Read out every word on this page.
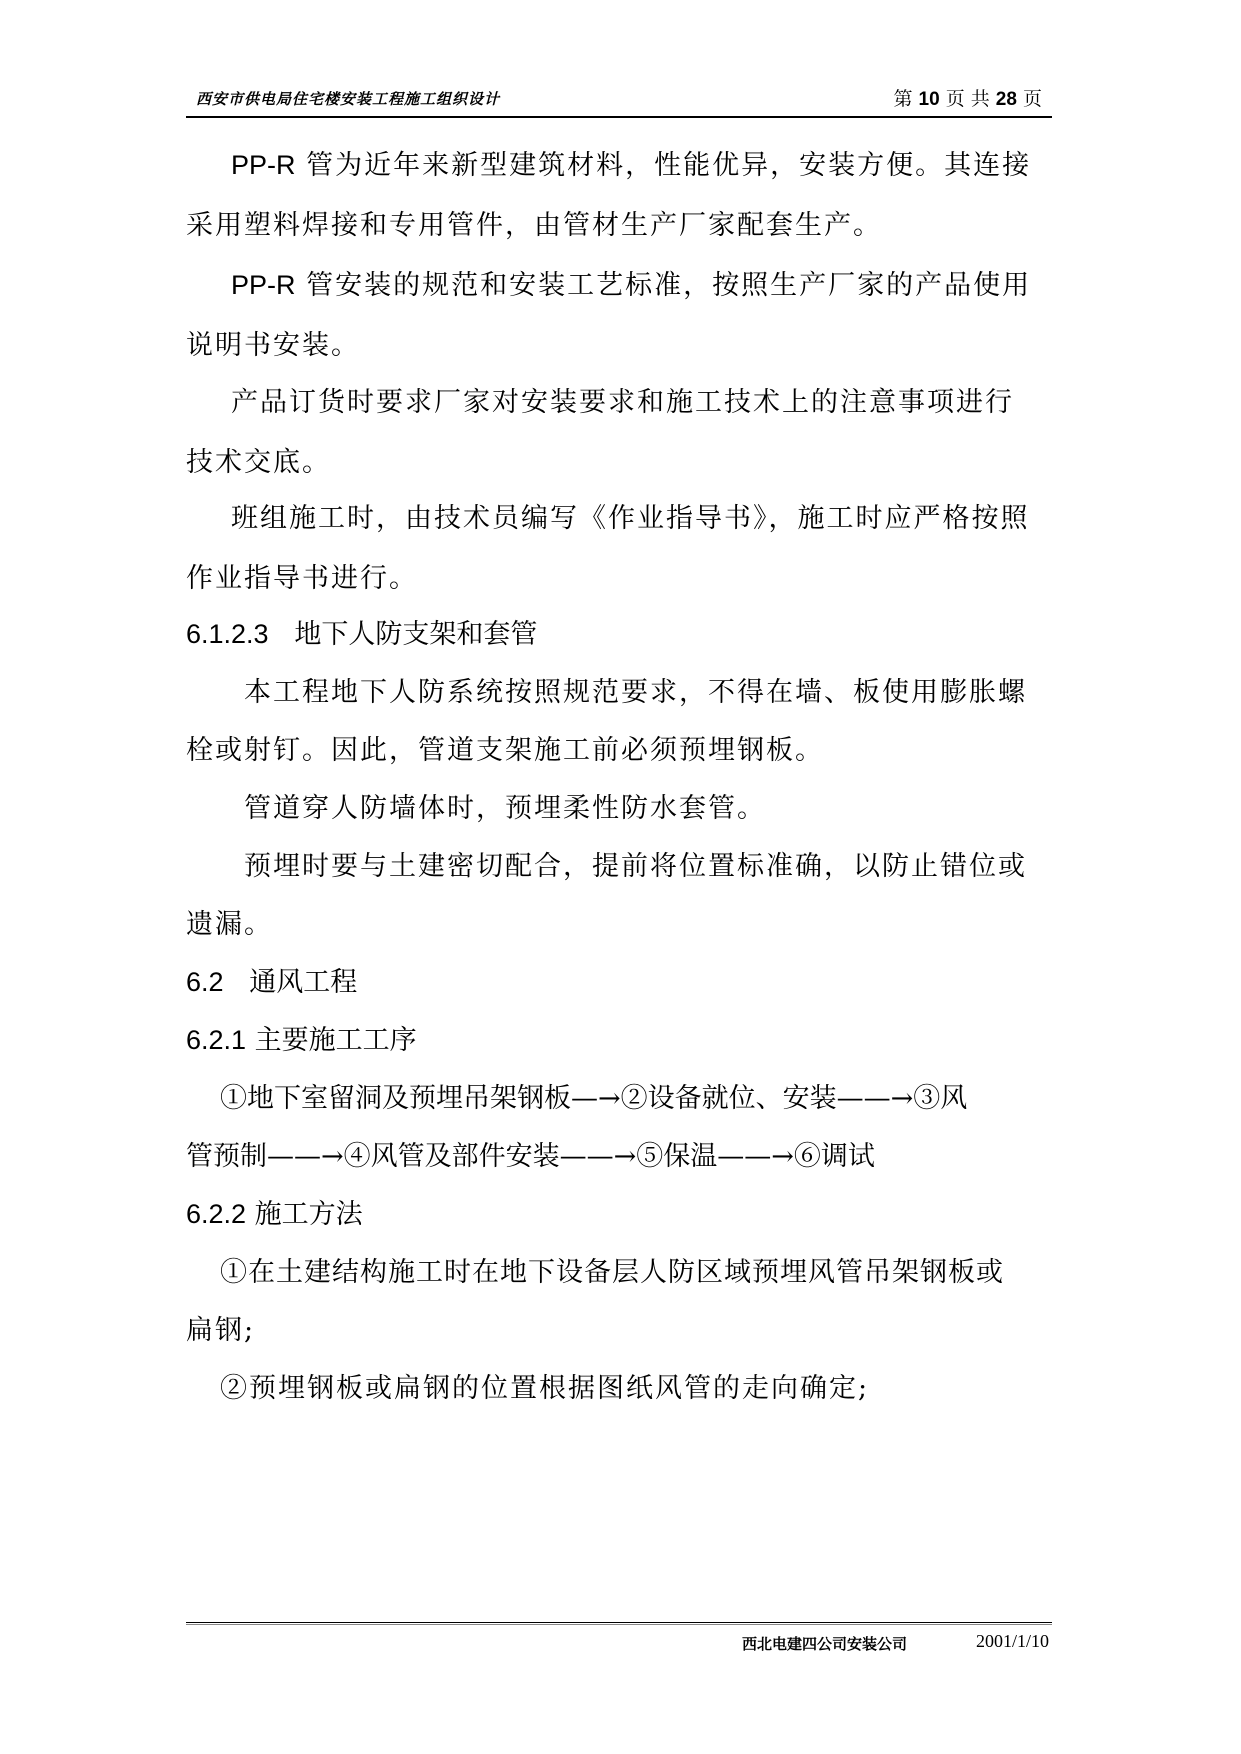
西安市供电局住宅楼安装工程施工组织设计	第 10 页 共 28 页
PP-R 管为近年来新型建筑材料，性能优异，安装方便。其连接
采用塑料焊接和专用管件，由管材生产厂家配套生产。
PP-R 管安装的规范和安装工艺标准，按照生产厂家的产品使用
说明书安装。
产品订货时要求厂家对安装要求和施工技术上的注意事项进行
技术交底。
班组施工时，由技术员编写《作业指导书》，施工时应严格按照
作业指导书进行。
6.1.2.3 地下人防支架和套管
本工程地下人防系统按照规范要求，不得在墙、板使用膨胀螺
栓或射钉。因此，管道支架施工前必须预埋钢板。
管道穿人防墙体时，预埋柔性防水套管。
预埋时要与土建密切配合，提前将位置标准确，以防止错位或
遗漏。
6.2 通风工程
6.2.1 主要施工工序
①地下室留洞及预埋吊架钢板—→②设备就位、安装——→③风
管预制——→④风管及部件安装——→⑤保温——→⑥调试
6.2.2 施工方法
①在土建结构施工时在地下设备层人防区域预埋风管吊架钢板或
扁钢;
②预埋钢板或扁钢的位置根据图纸风管的走向确定;
西北电建四公司安装公司	2001/1/10
